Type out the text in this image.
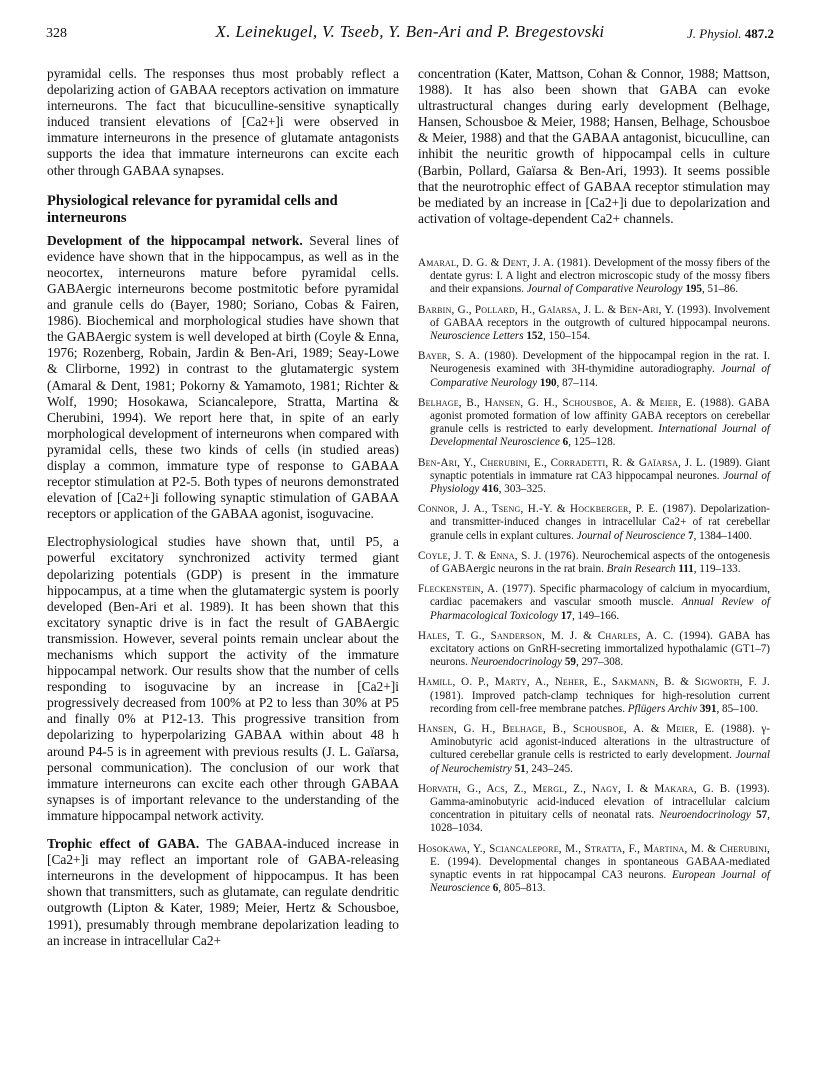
328	X. Leinekugel, V. Tseeb, Y. Ben-Ari and P. Bregestovski	J. Physiol. 487.2

pyramidal cells. The responses thus most probably reflect a depolarizing action of GABAA receptors activation on immature interneurons. The fact that bicuculline-sensitive synaptically induced transient elevations of [Ca2+]i were observed in immature interneurons in the presence of glutamate antagonists supports the idea that immature interneurons can excite each other through GABAA synapses.

Physiological relevance for pyramidal cells and interneurons

Development of the hippocampal network. Several lines of evidence have shown that in the hippocampus, as well as in the neocortex, interneurons mature before pyramidal cells. GABAergic interneurons become postmitotic before pyramidal and granule cells do (Bayer, 1980; Soriano, Cobas & Fairen, 1986). Biochemical and morphological studies have shown that the GABAergic system is well developed at birth (Coyle & Enna, 1976; Rozenberg, Robain, Jardin & Ben-Ari, 1989; Seay-Lowe & Clirborne, 1992) in contrast to the glutamatergic system (Amaral & Dent, 1981; Pokorny & Yamamoto, 1981; Richter & Wolf, 1990; Hosokawa, Sciancalepore, Stratta, Martina & Cherubini, 1994). We report here that, in spite of an early morphological development of interneurons when compared with pyramidal cells, these two kinds of cells (in studied areas) display a common, immature type of response to GABAA receptor stimulation at P2-5. Both types of neurons demonstrated elevation of [Ca2+]i following synaptic stimulation of GABAA receptors or application of the GABAA agonist, isoguvacine.

Electrophysiological studies have shown that, until P5, a powerful excitatory synchronized activity termed giant depolarizing potentials (GDP) is present in the immature hippocampus, at a time when the glutamatergic system is poorly developed (Ben-Ari et al. 1989). It has been shown that this excitatory synaptic drive is in fact the result of GABAergic transmission. However, several points remain unclear about the mechanisms which support the activity of the immature hippocampal network. Our results show that the number of cells responding to isoguvacine by an increase in [Ca2+]i progressively decreased from 100% at P2 to less than 30% at P5 and finally 0% at P12-13. This progressive transition from depolarizing to hyperpolarizing GABAA within about 48 h around P4-5 is in agreement with previous results (J. L. Gaïarsa, personal communication). The conclusion of our work that immature interneurons can excite each other through GABAA synapses is of important relevance to the understanding of the immature hippocampal network activity.

Trophic effect of GABA. The GABAA-induced increase in [Ca2+]i may reflect an important role of GABA-releasing interneurons in the development of hippocampus. It has been shown that transmitters, such as glutamate, can regulate dendritic outgrowth (Lipton & Kater, 1989; Meier, Hertz & Schousboe, 1991), presumably through membrane depolarization leading to an increase in intracellular Ca2+

concentration (Kater, Mattson, Cohan & Connor, 1988; Mattson, 1988). It has also been shown that GABA can evoke ultrastructural changes during early development (Belhage, Hansen, Schousboe & Meier, 1988; Hansen, Belhage, Schousboe & Meier, 1988) and that the GABAA antagonist, bicuculline, can inhibit the neuritic growth of hippocampal cells in culture (Barbin, Pollard, Gaïarsa & Ben-Ari, 1993). It seems possible that the neurotrophic effect of GABAA receptor stimulation may be mediated by an increase in [Ca2+]i due to depolarization and activation of voltage-dependent Ca2+ channels.

Amaral, D. G. & Dent, J. A. (1981). Development of the mossy fibers of the dentate gyrus: I. A light and electron microscopic study of the mossy fibers and their expansions. Journal of Comparative Neurology 195, 51–86.
Barbin, G., Pollard, H., Gaïarsa, J. L. & Ben-Ari, Y. (1993). Involvement of GABAA receptors in the outgrowth of cultured hippocampal neurons. Neuroscience Letters 152, 150–154.
Bayer, S. A. (1980). Development of the hippocampal region in the rat. I. Neurogenesis examined with 3H-thymidine autoradiography. Journal of Comparative Neurology 190, 87–114.
Belhage, B., Hansen, G. H., Schousboe, A. & Meier, E. (1988). GABA agonist promoted formation of low affinity GABA receptors on cerebellar granule cells is restricted to early development. International Journal of Developmental Neuroscience 6, 125–128.
Ben-Ari, Y., Cherubini, E., Corradetti, R. & Gaïarsa, J. L. (1989). Giant synaptic potentials in immature rat CA3 hippocampal neurones. Journal of Physiology 416, 303–325.
Connor, J. A., Tseng, H.-Y. & Hockberger, P. E. (1987). Depolarization- and transmitter-induced changes in intracellular Ca2+ of rat cerebellar granule cells in explant cultures. Journal of Neuroscience 7, 1384–1400.
Coyle, J. T. & Enna, S. J. (1976). Neurochemical aspects of the ontogenesis of GABAergic neurons in the rat brain. Brain Research 111, 119–133.
Fleckenstein, A. (1977). Specific pharmacology of calcium in myocardium, cardiac pacemakers and vascular smooth muscle. Annual Review of Pharmacological Toxicology 17, 149–166.
Hales, T. G., Sanderson, M. J. & Charles, A. C. (1994). GABA has excitatory actions on GnRH-secreting immortalized hypothalamic (GT1–7) neurons. Neuroendocrinology 59, 297–308.
Hamill, O. P., Marty, A., Neher, E., Sakmann, B. & Sigworth, F. J. (1981). Improved patch-clamp techniques for high-resolution current recording from cell-free membrane patches. Pflügers Archiv 391, 85–100.
Hansen, G. H., Belhage, B., Schousboe, A. & Meier, E. (1988). γ-Aminobutyric acid agonist-induced alterations in the ultrastructure of cultured cerebellar granule cells is restricted to early development. Journal of Neurochemistry 51, 243–245.
Horvath, G., Acs, Z., Mergl, Z., Nagy, I. & Makara, G. B. (1993). Gamma-aminobutyric acid-induced elevation of intracellular calcium concentration in pituitary cells of neonatal rats. Neuroendocrinology 57, 1028–1034.
Hosokawa, Y., Sciancalepore, M., Stratta, F., Martina, M. & Cherubini, E. (1994). Developmental changes in spontaneous GABAA-mediated synaptic events in rat hippocampal CA3 neurons. European Journal of Neuroscience 6, 805–813.
